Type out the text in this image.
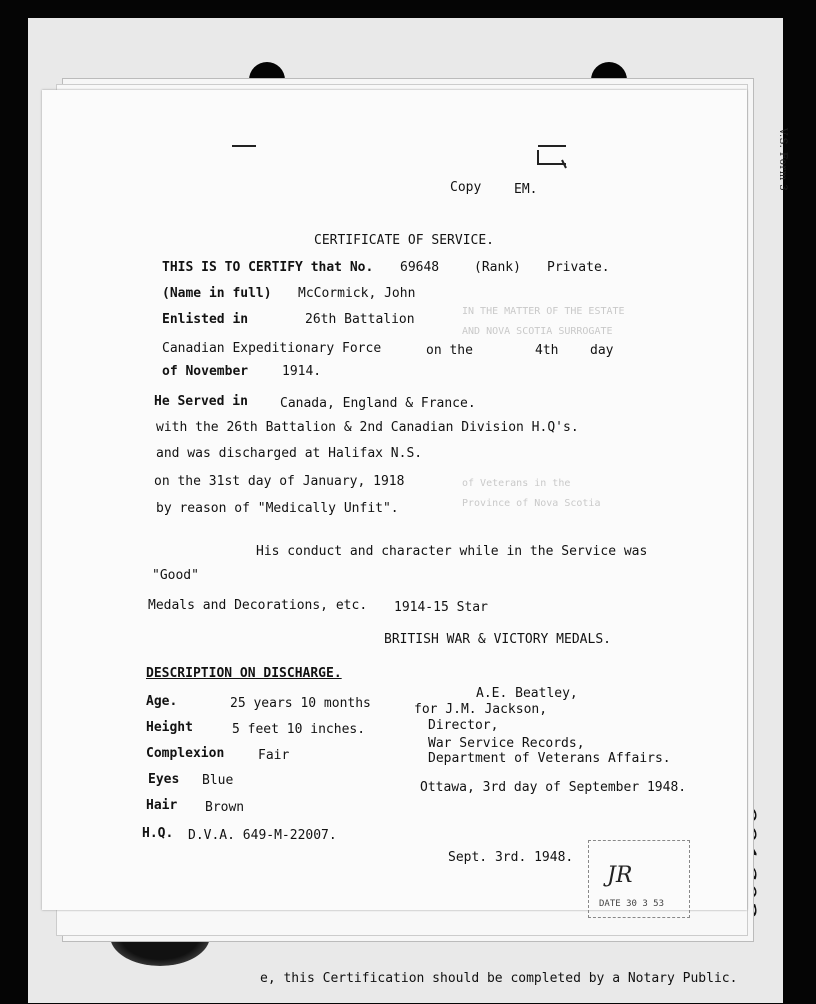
e, this Certification should be completed by a Notary Public.
V.S. Form 3
IN THE MATTER OF THE ESTATE
AND NOVA SCOTIA SURROGATE
of Veterans in the
Province of Nova Scotia
Copy	EM.
CERTIFICATE OF SERVICE.
THIS IS TO CERTIFY that No. 69648	(Rank) Private.
(Name in full) McCormick, John
Enlisted in	26th Battalion
Canadian Expeditionary Force	on the	4th day
of November	1914.
He Served in Canada, England & France.
with the 26th Battalion & 2nd Canadian Division H.Q's.
and was discharged at Halifax N.S.
on the 31st day of January, 1918
by reason of "Medically Unfit".
His conduct and character while in the Service was
"Good"
Medals and Decorations, etc. 1914-15 Star
BRITISH WAR & VICTORY MEDALS.
DESCRIPTION ON DISCHARGE.
Age.	25 years 10 months
Height	5 feet 10 inches.
Complexion	Fair
Eyes Blue
Hair Brown
H.Q. D.V.A. 649-M-22007.
A.E. Beatley,
for J.M. Jackson,
Director,
War Service Records,
Department of Veterans Affairs.
Ottawa, 3rd day of September 1948.
Sept. 3rd. 1948.
JR
DATE 30 3 53
